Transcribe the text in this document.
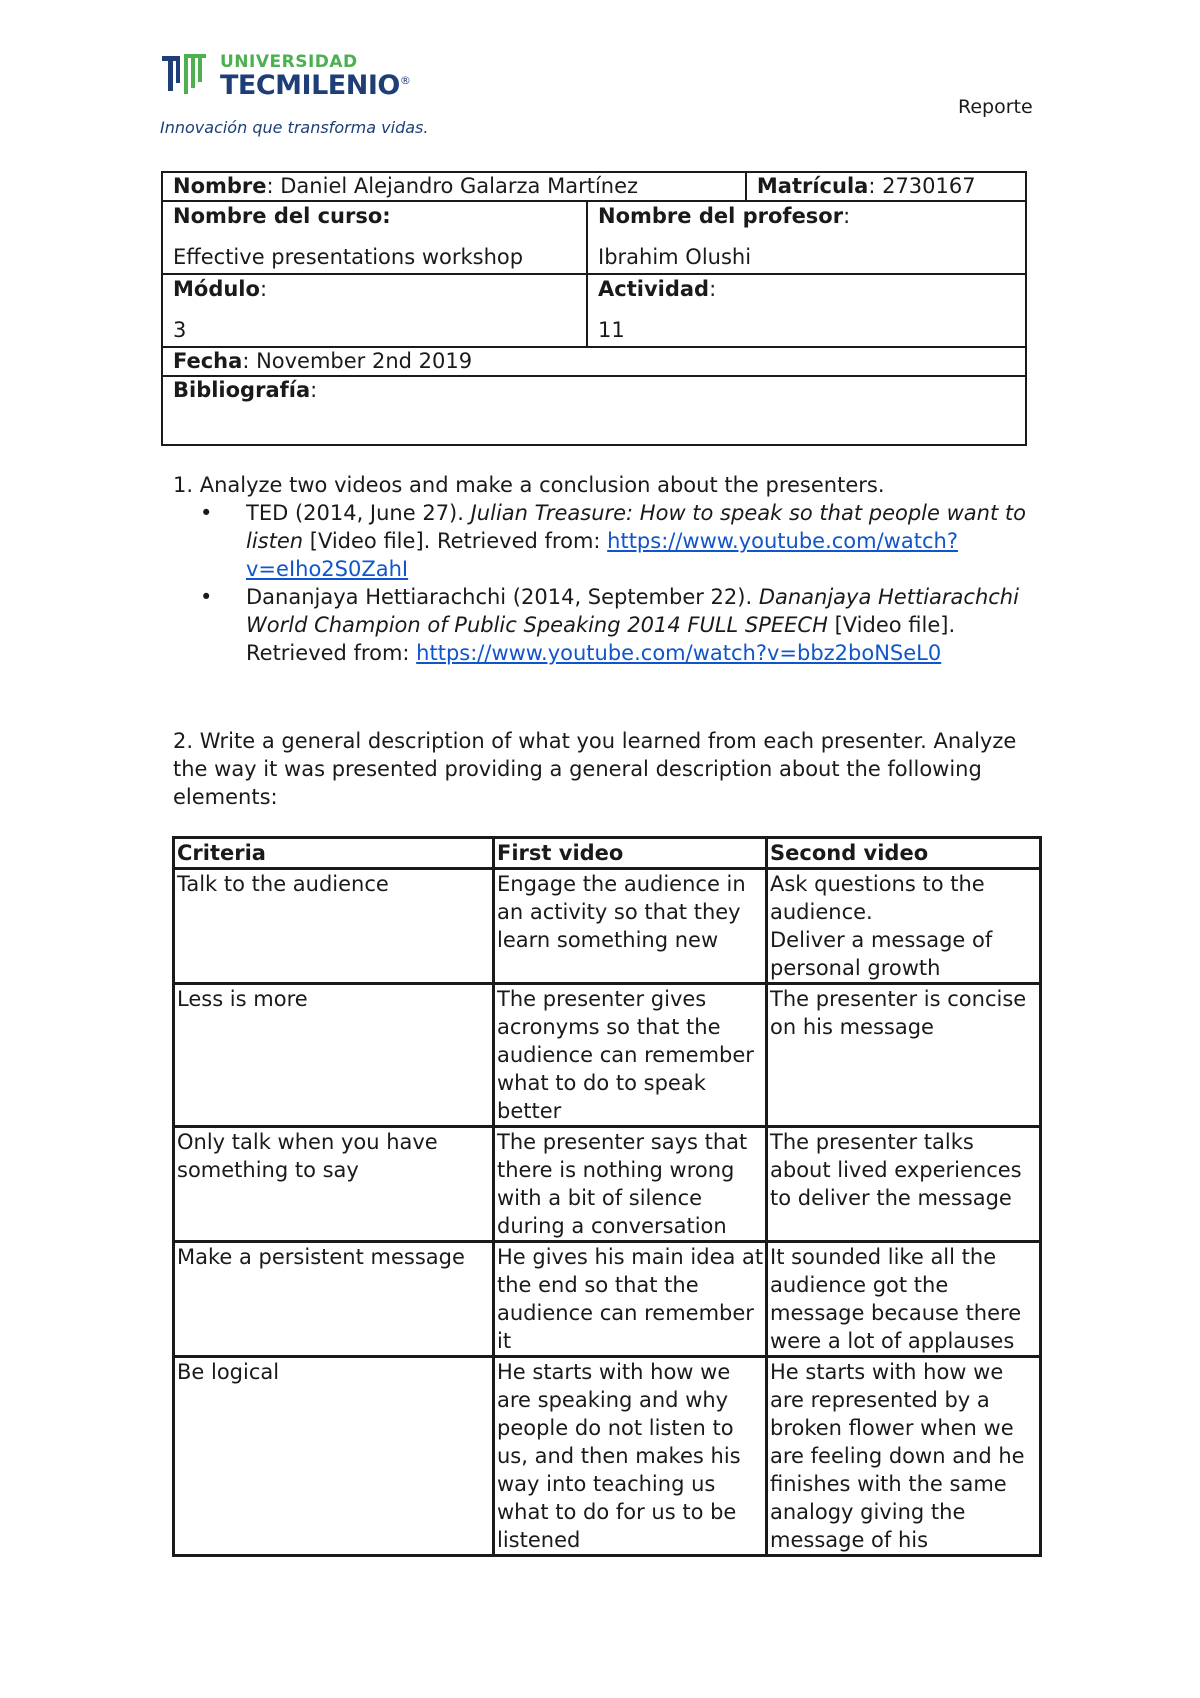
UNIVERSIDAD
TECMILENIO®
Innovación que transforma vidas.
Reporte
Nombre: Daniel Alejandro Galarza Martínez		Matrícula: 2730167

Nombre del curso:
Effective presentations workshop	Nombre del profesor:
Ibrahim Olushi	

Módulo:
3	Actividad:
11	

Fecha: November 2nd 2019		
Bibliografía:		
1. Analyze two videos and make a conclusion about the presenters.
• TED (2014, June 27). Julian Treasure: How to speak so that people want to listen [Video file]. Retrieved from: https://www.youtube.com/watch?v=eIho2S0ZahI
• Dananjaya Hettiarachchi (2014, September 22). Dananjaya Hettiarachchi World Champion of Public Speaking 2014 FULL SPEECH [Video file]. Retrieved from: https://www.youtube.com/watch?v=bbz2boNSeL0
2. Write a general description of what you learned from each presenter. Analyze the way it was presented providing a general description about the following elements:
Criteria	First video	Second video
Talk to the audience	Engage the audience in an activity so that they learn something new	Ask questions to the audience.
Deliver a message of personal growth
Less is more	The presenter gives acronyms so that the audience can remember what to do to speak better	The presenter is concise on his message
Only talk when you have something to say	The presenter says that there is nothing wrong with a bit of silence during a conversation	The presenter talks about lived experiences to deliver the message
Make a persistent message	He gives his main idea at the end so that the audience can remember it	It sounded like all the audience got the message because there were a lot of applauses
Be logical	He starts with how we are speaking and why people do not listen to us, and then makes his way into teaching us what to do for us to be listened	He starts with how we are represented by a broken flower when we are feeling down and he finishes with the same analogy giving the message of his
